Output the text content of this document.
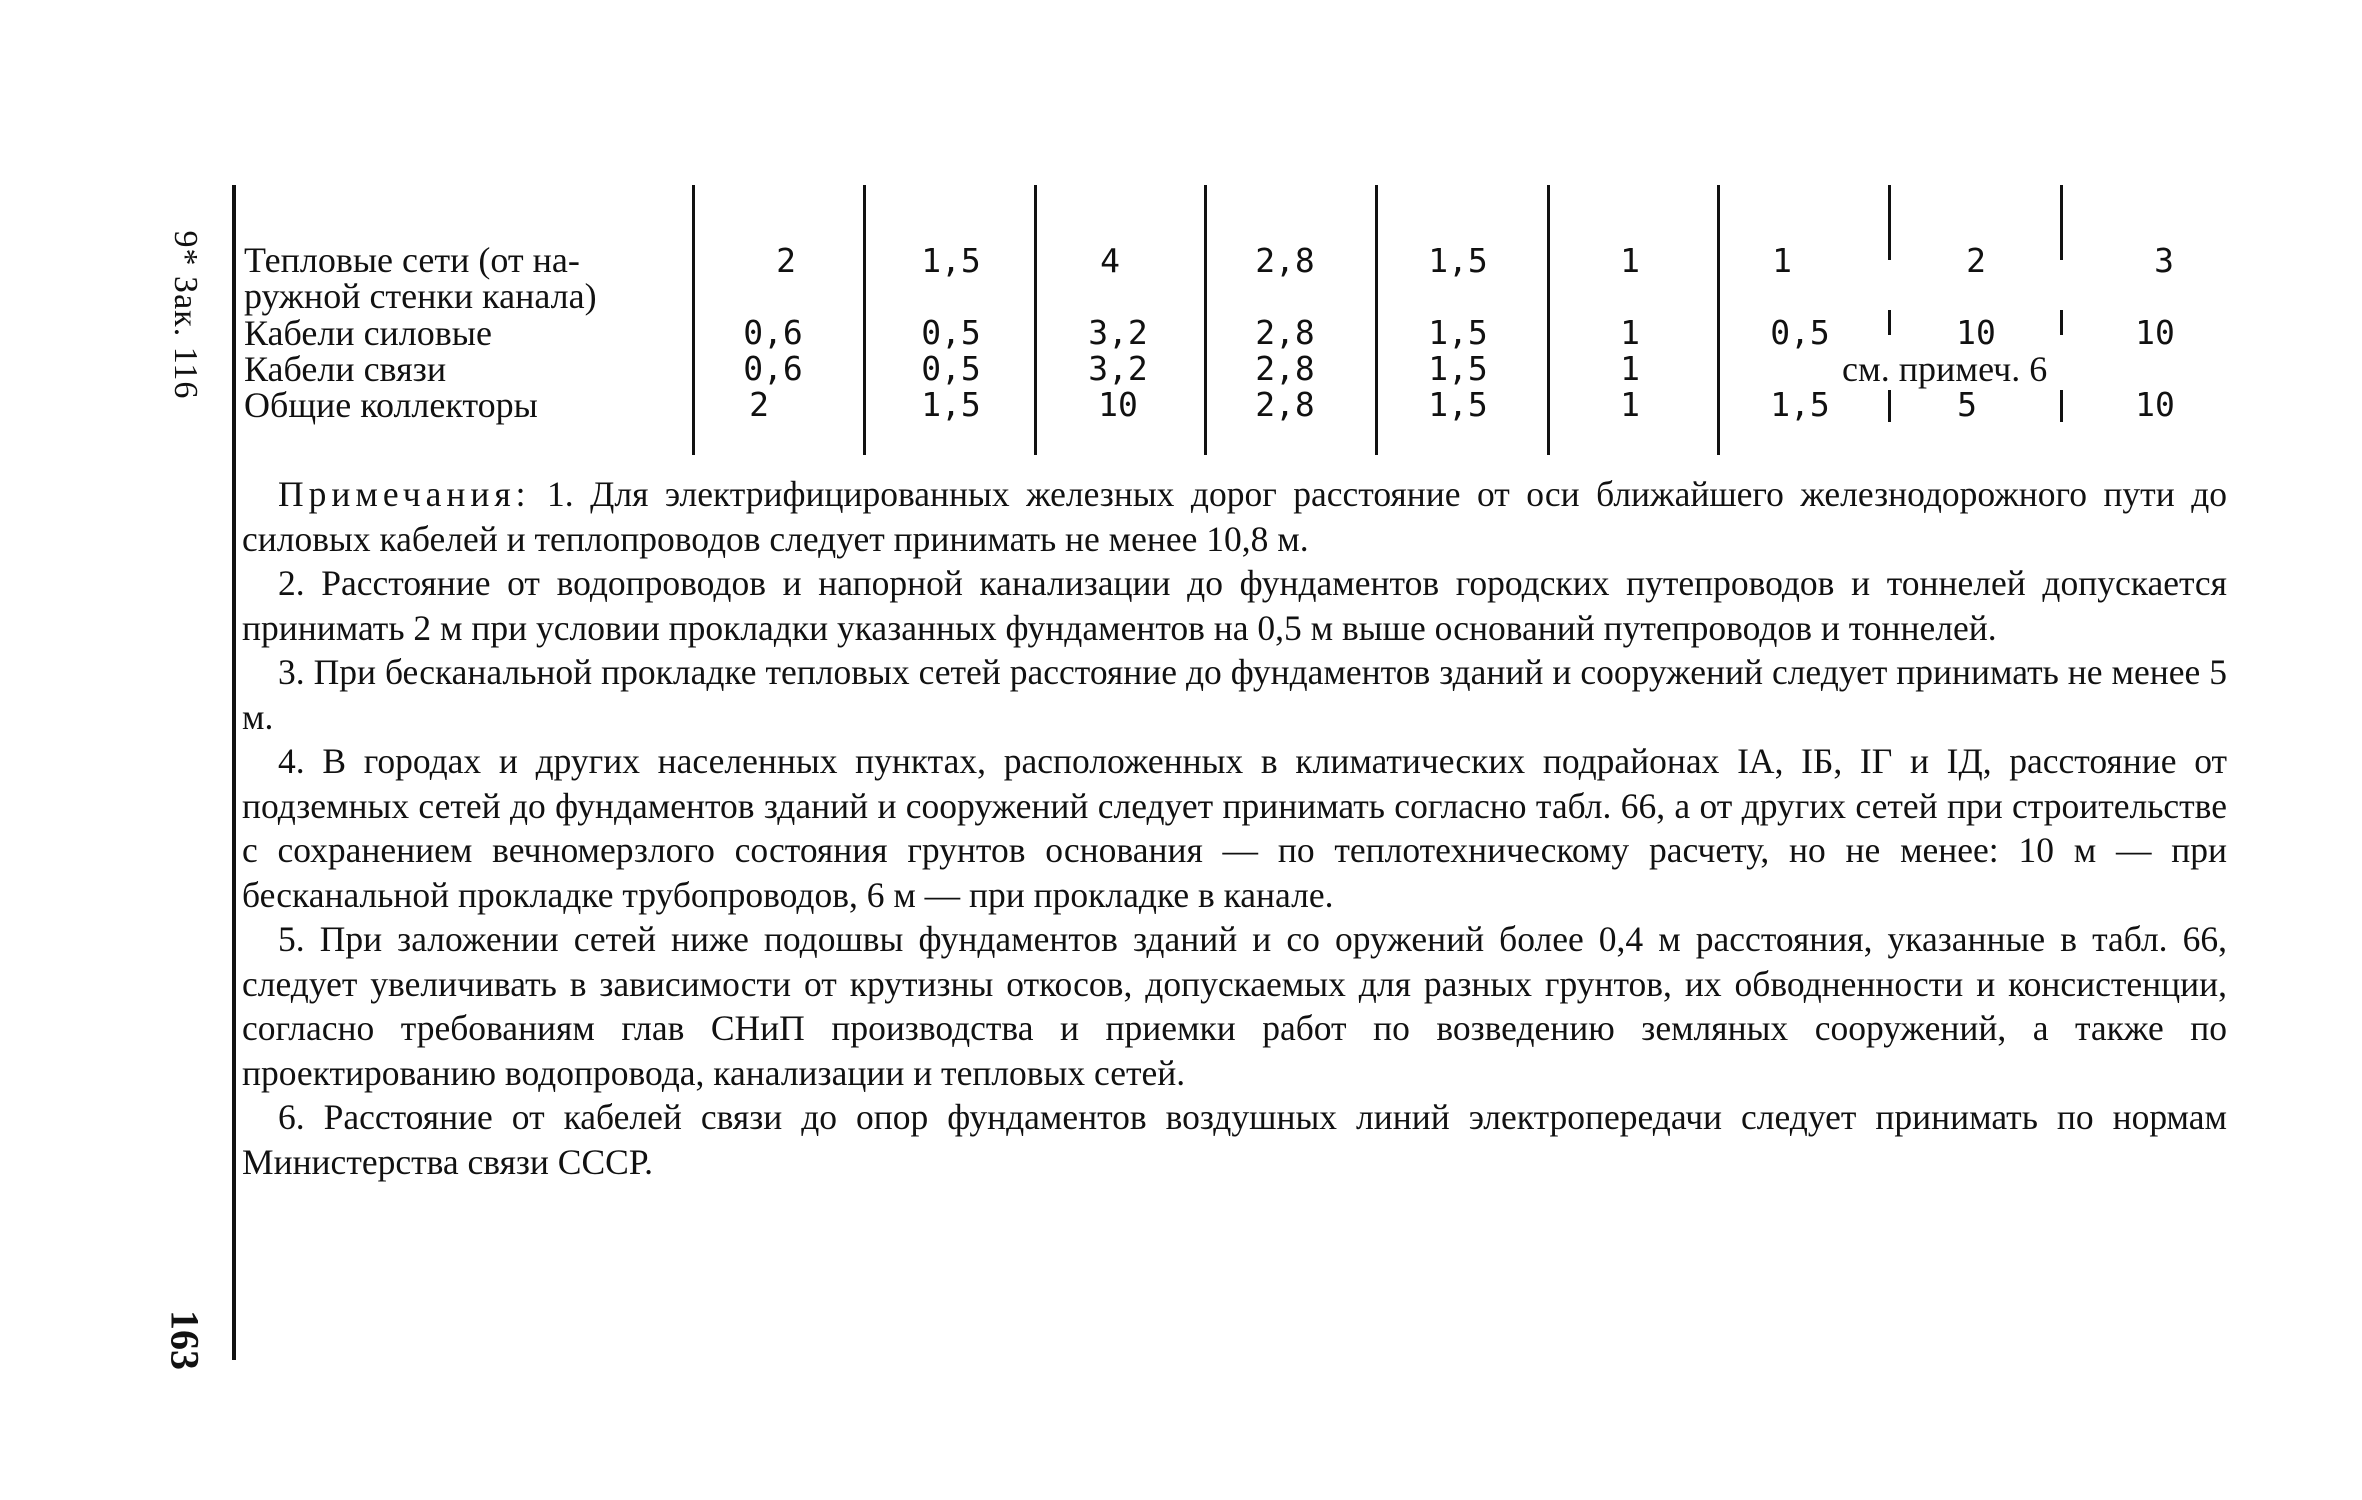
9* Зак. 116
163
Тепловые сети (от на-
ружной стенки канала)
2	1,5	4	2,8	1,5	1	1	2	3
Кабели силовые	0,6	0,5	3,2	2,8	1,5	1	0,5	10	10
Кабели связи	0,6	0,5	3,2	2,8	1,5	1	см. примеч. 6
Общие коллекторы	2	1,5	10	2,8	1,5	1	1,5	5	10

Примечания: 1. Для электрифицированных железных дорог расстояние от оси ближайшего железнодорожного пути до силовых кабелей и теплопроводов следует принимать не менее 10,8 м.

2. Расстояние от водопроводов и напорной канализации до фундаментов городских путепроводов и тоннелей допускается принимать 2 м при условии прокладки указанных фундаментов на 0,5 м выше оснований путепроводов и тоннелей.

3. При бесканальной прокладке тепловых сетей расстояние до фундаментов зданий и сооружений следует принимать не менее 5 м.

4. В городах и других населенных пунктах, расположенных в климатических подрайонах IА, IБ, IГ и IД, расстояние от подземных сетей до фундаментов зданий и сооружений следует принимать согласно табл. 66, а от других сетей при строительстве с сохранением вечномерзлого состояния грунтов основания — по теплотехническому расчету, но не менее: 10 м — при бесканальной прокладке трубопроводов, 6 м — при прокладке в канале.

5. При заложении сетей ниже подошвы фундаментов зданий и со оружений более 0,4 м расстояния, указанные в табл. 66, следует увеличивать в зависимости от крутизны откосов, допускаемых для разных грунтов, их обводненности и консистенции, согласно требованиям глав СНиП производства и приемки работ по возведению земляных сооружений, а также по проектированию водопровода, канализации и тепловых сетей.

6. Расстояние от кабелей связи до опор фундаментов воздушных линий электропередачи следует принимать по нормам Министерства связи СССР.
